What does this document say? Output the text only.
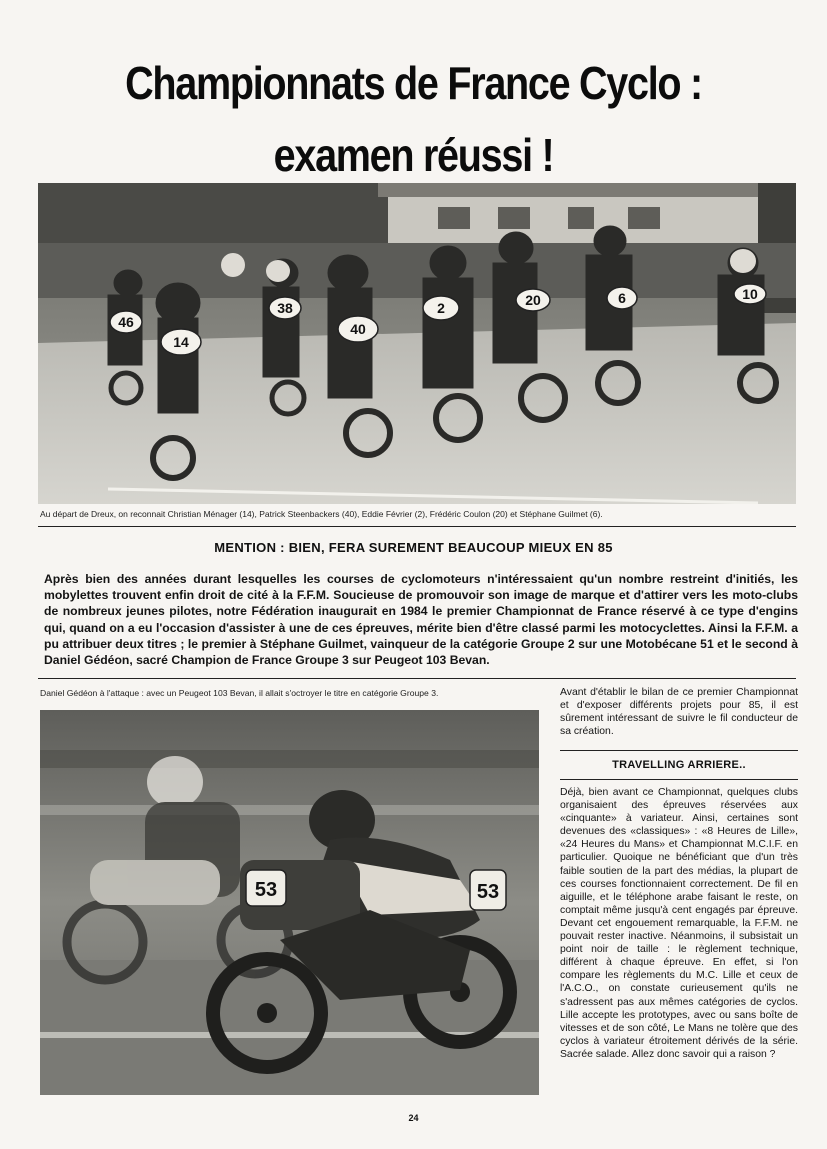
Championnats de France Cyclo :
examen réussi !
14
46
38
40
2	20	6	10
Au départ de Dreux, on reconnait Christian Ménager (14), Patrick Steenbackers (40), Eddie Février (2), Frédéric Coulon (20) et Stéphane Guilmet (6).
MENTION : BIEN, FERA SUREMENT BEAUCOUP MIEUX EN 85
Après bien des années durant lesquelles les courses de cyclomoteurs n'intéressaient qu'un nombre restreint d'initiés, les mobylettes trouvent enfin droit de cité à la F.F.M. Soucieuse de promouvoir son image de marque et d'attirer vers les moto-clubs de nombreux jeunes pilotes, notre Fédération inaugurait en 1984 le premier Championnat de France réservé à ce type d'engins qui, quand on a eu l'occasion d'assister à une de ces épreuves, mérite bien d'être classé parmi les motocyclettes. Ainsi la F.F.M. a pu attribuer deux titres ; le premier à Stéphane Guilmet, vainqueur de la catégorie Groupe 2 sur une Motobécane 51 et le second à Daniel Gédéon, sacré Champion de France Groupe 3 sur Peugeot 103 Bevan.
Daniel Gédéon à l'attaque : avec un Peugeot 103 Bevan, il allait s'octroyer le titre en catégorie Groupe 3.
53	53
Avant d'établir le bilan de ce premier Championnat et d'exposer différents projets pour 85, il est sûrement intéressant de suivre le fil conducteur de sa création.
TRAVELLING ARRIERE..
Déjà, bien avant ce Championnat, quelques clubs organisaient des épreuves réservées aux «cinquante» à variateur. Ainsi, certaines sont devenues des «classiques» : «8 Heures de Lille», «24 Heures du Mans» et Championnat M.C.I.F. en particulier. Quoique ne bénéficiant que d'un très faible soutien de la part des médias, la plupart de ces courses fonctionnaient correctement. De fil en aiguille, et le téléphone arabe faisant le reste, on comptait même jusqu'à cent engagés par épreuve. Devant cet engouement remarquable, la F.F.M. ne pouvait rester inactive. Néanmoins, il subsistait un point noir de taille : le règlement technique, différent à chaque épreuve. En effet, si l'on compare les règlements du M.C. Lille et ceux de l'A.C.O., on constate curieusement qu'ils ne s'adressent pas aux mêmes catégories de cyclos. Lille accepte les prototypes, avec ou sans boîte de vitesses et de son côté, Le Mans ne tolère que des cyclos à variateur étroitement dérivés de la série. Sacrée salade. Allez donc savoir qui a raison ?
24
